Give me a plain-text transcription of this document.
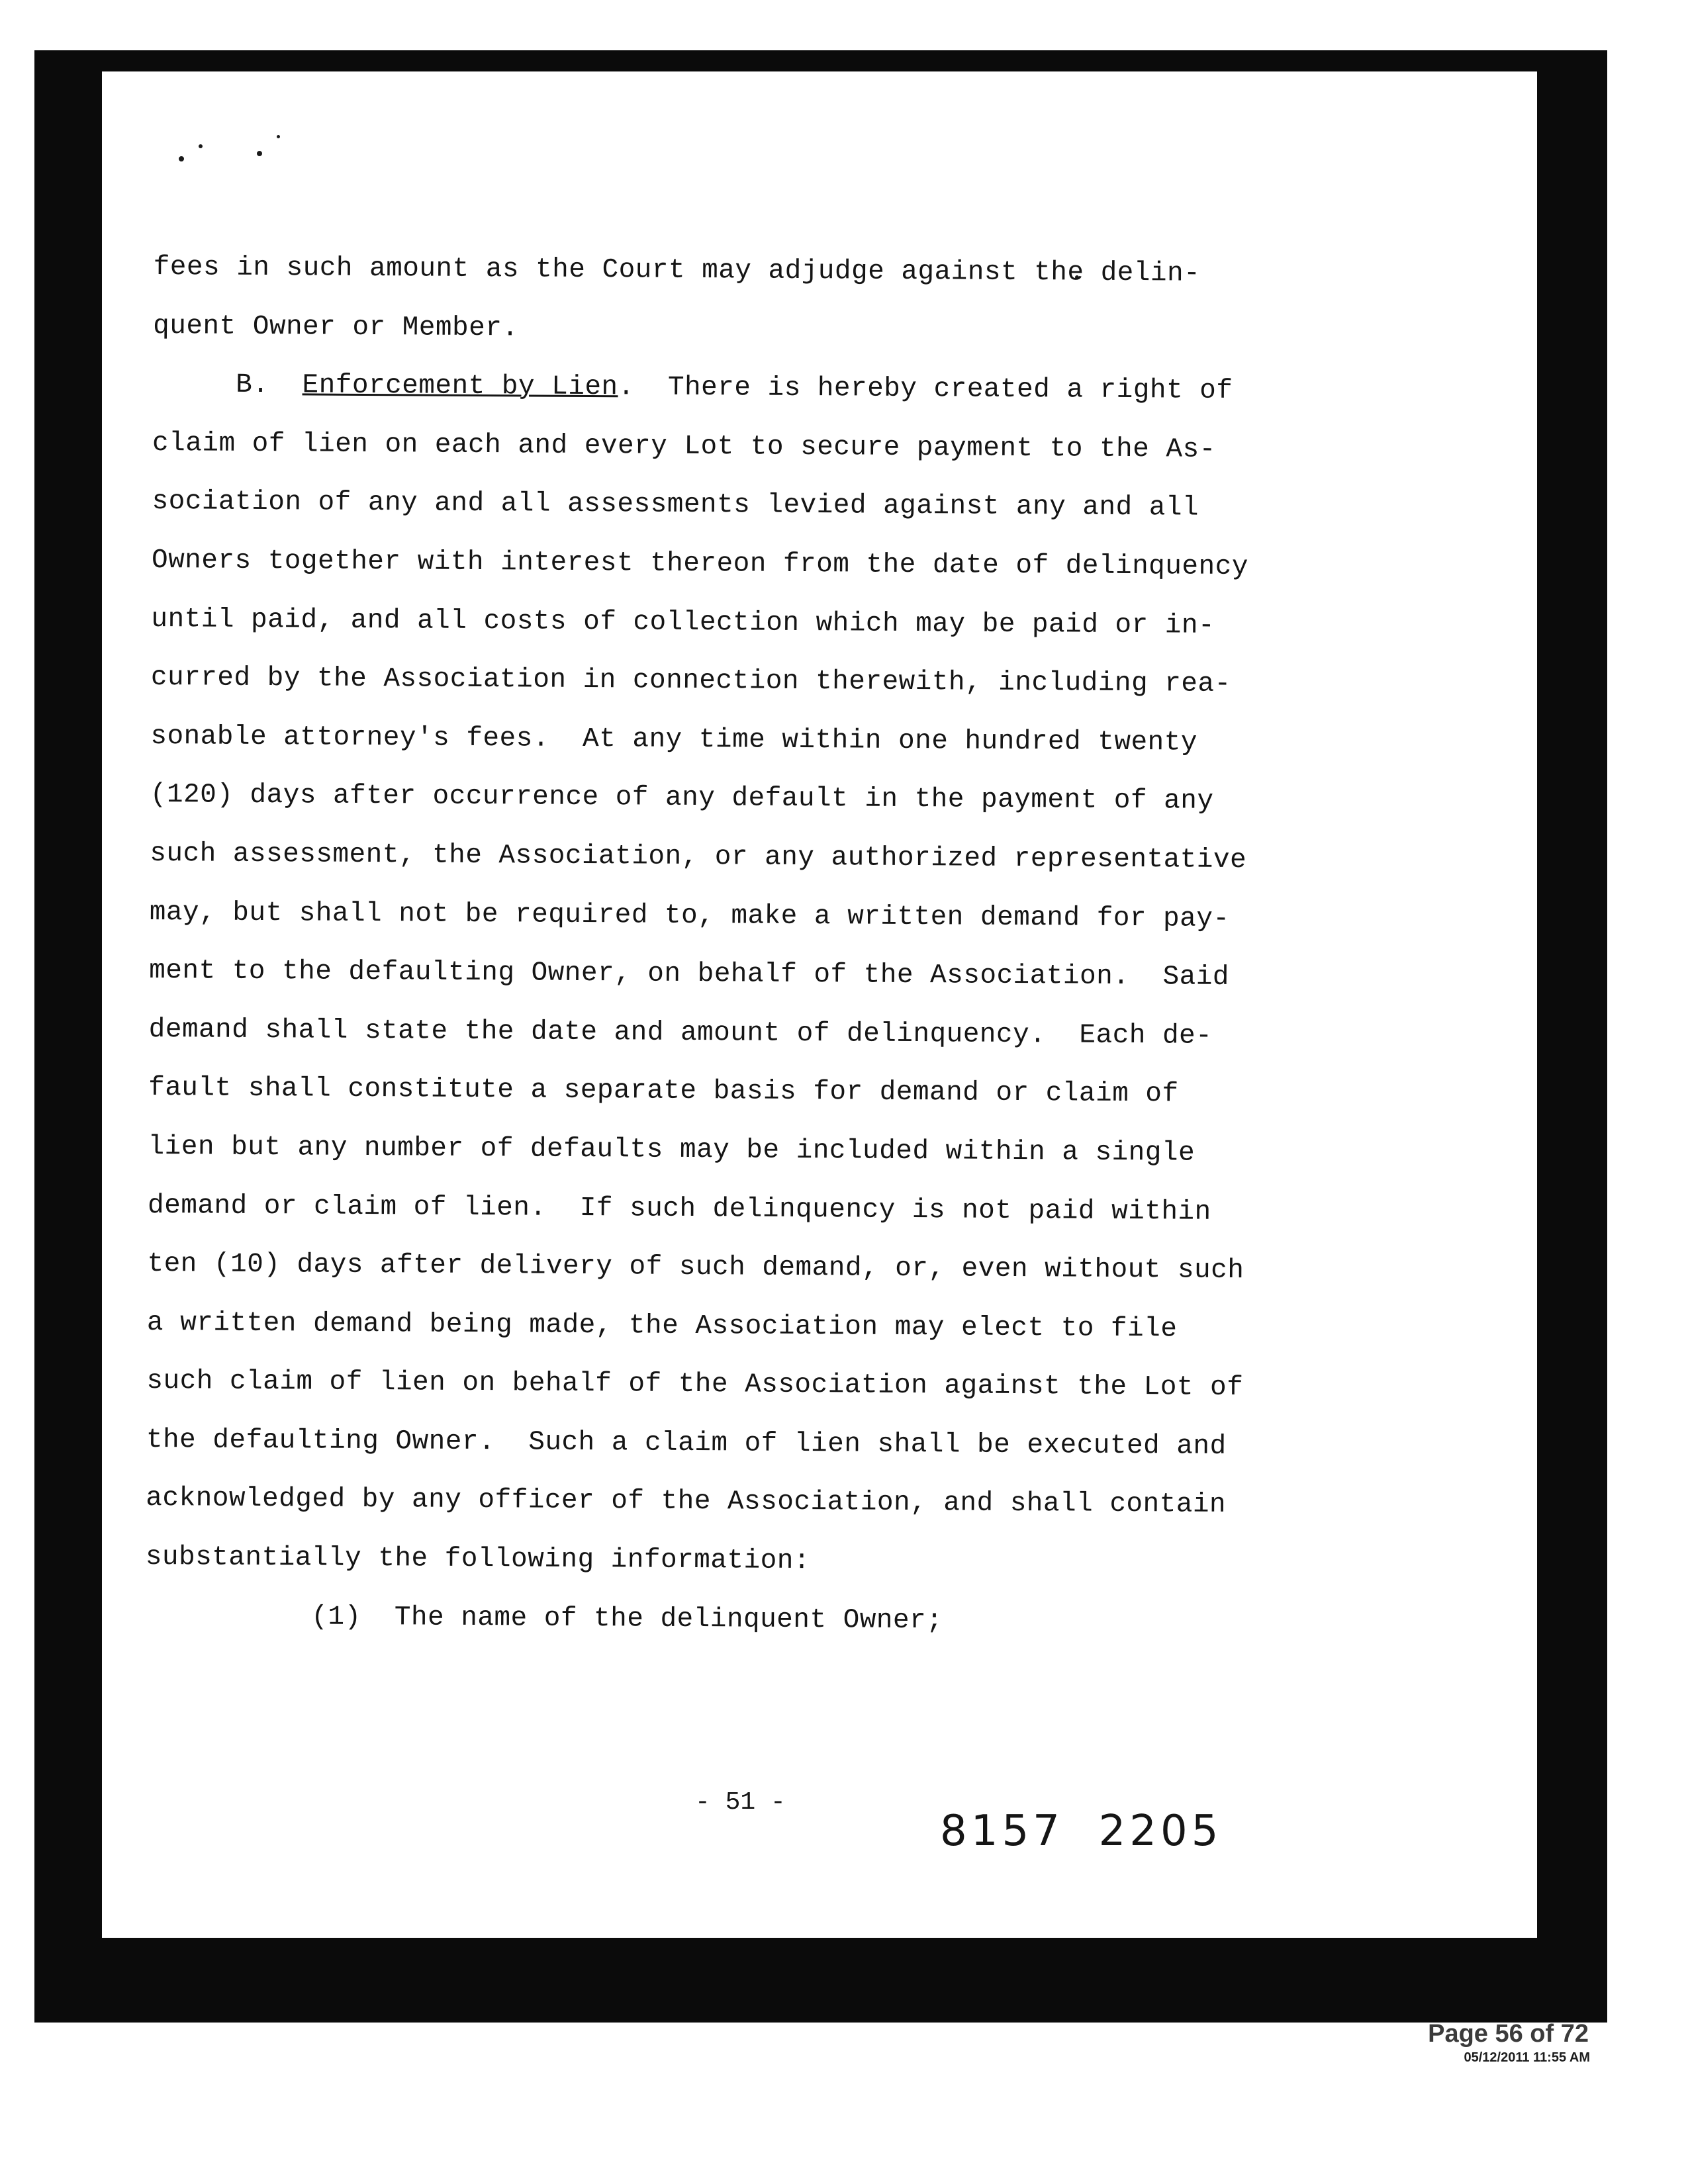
fees in such amount as the Court may adjudge against the delin-
quent Owner or Member.
B. Enforcement by Lien.  There is hereby created a right of
claim of lien on each and every Lot to secure payment to the As-
sociation of any and all assessments levied against any and all
Owners together with interest thereon from the date of delinquency
until paid, and all costs of collection which may be paid or in-
curred by the Association in connection therewith, including rea-
sonable attorney's fees.  At any time within one hundred twenty
(120) days after occurrence of any default in the payment of any
such assessment, the Association, or any authorized representative
may, but shall not be required to, make a written demand for pay-
ment to the defaulting Owner, on behalf of the Association.  Said
demand shall state the date and amount of delinquency.  Each de-
fault shall constitute a separate basis for demand or claim of
lien but any number of defaults may be included within a single
demand or claim of lien.  If such delinquency is not paid within
ten (10) days after delivery of such demand, or, even without such
a written demand being made, the Association may elect to file
such claim of lien on behalf of the Association against the Lot of
the defaulting Owner.  Such a claim of lien shall be executed and
acknowledged by any officer of the Association, and shall contain
substantially the following information:
(1) The name of the delinquent Owner;
- 51 -
8157  2205
Page 56 of 72
05/12/2011 11:55 AM
